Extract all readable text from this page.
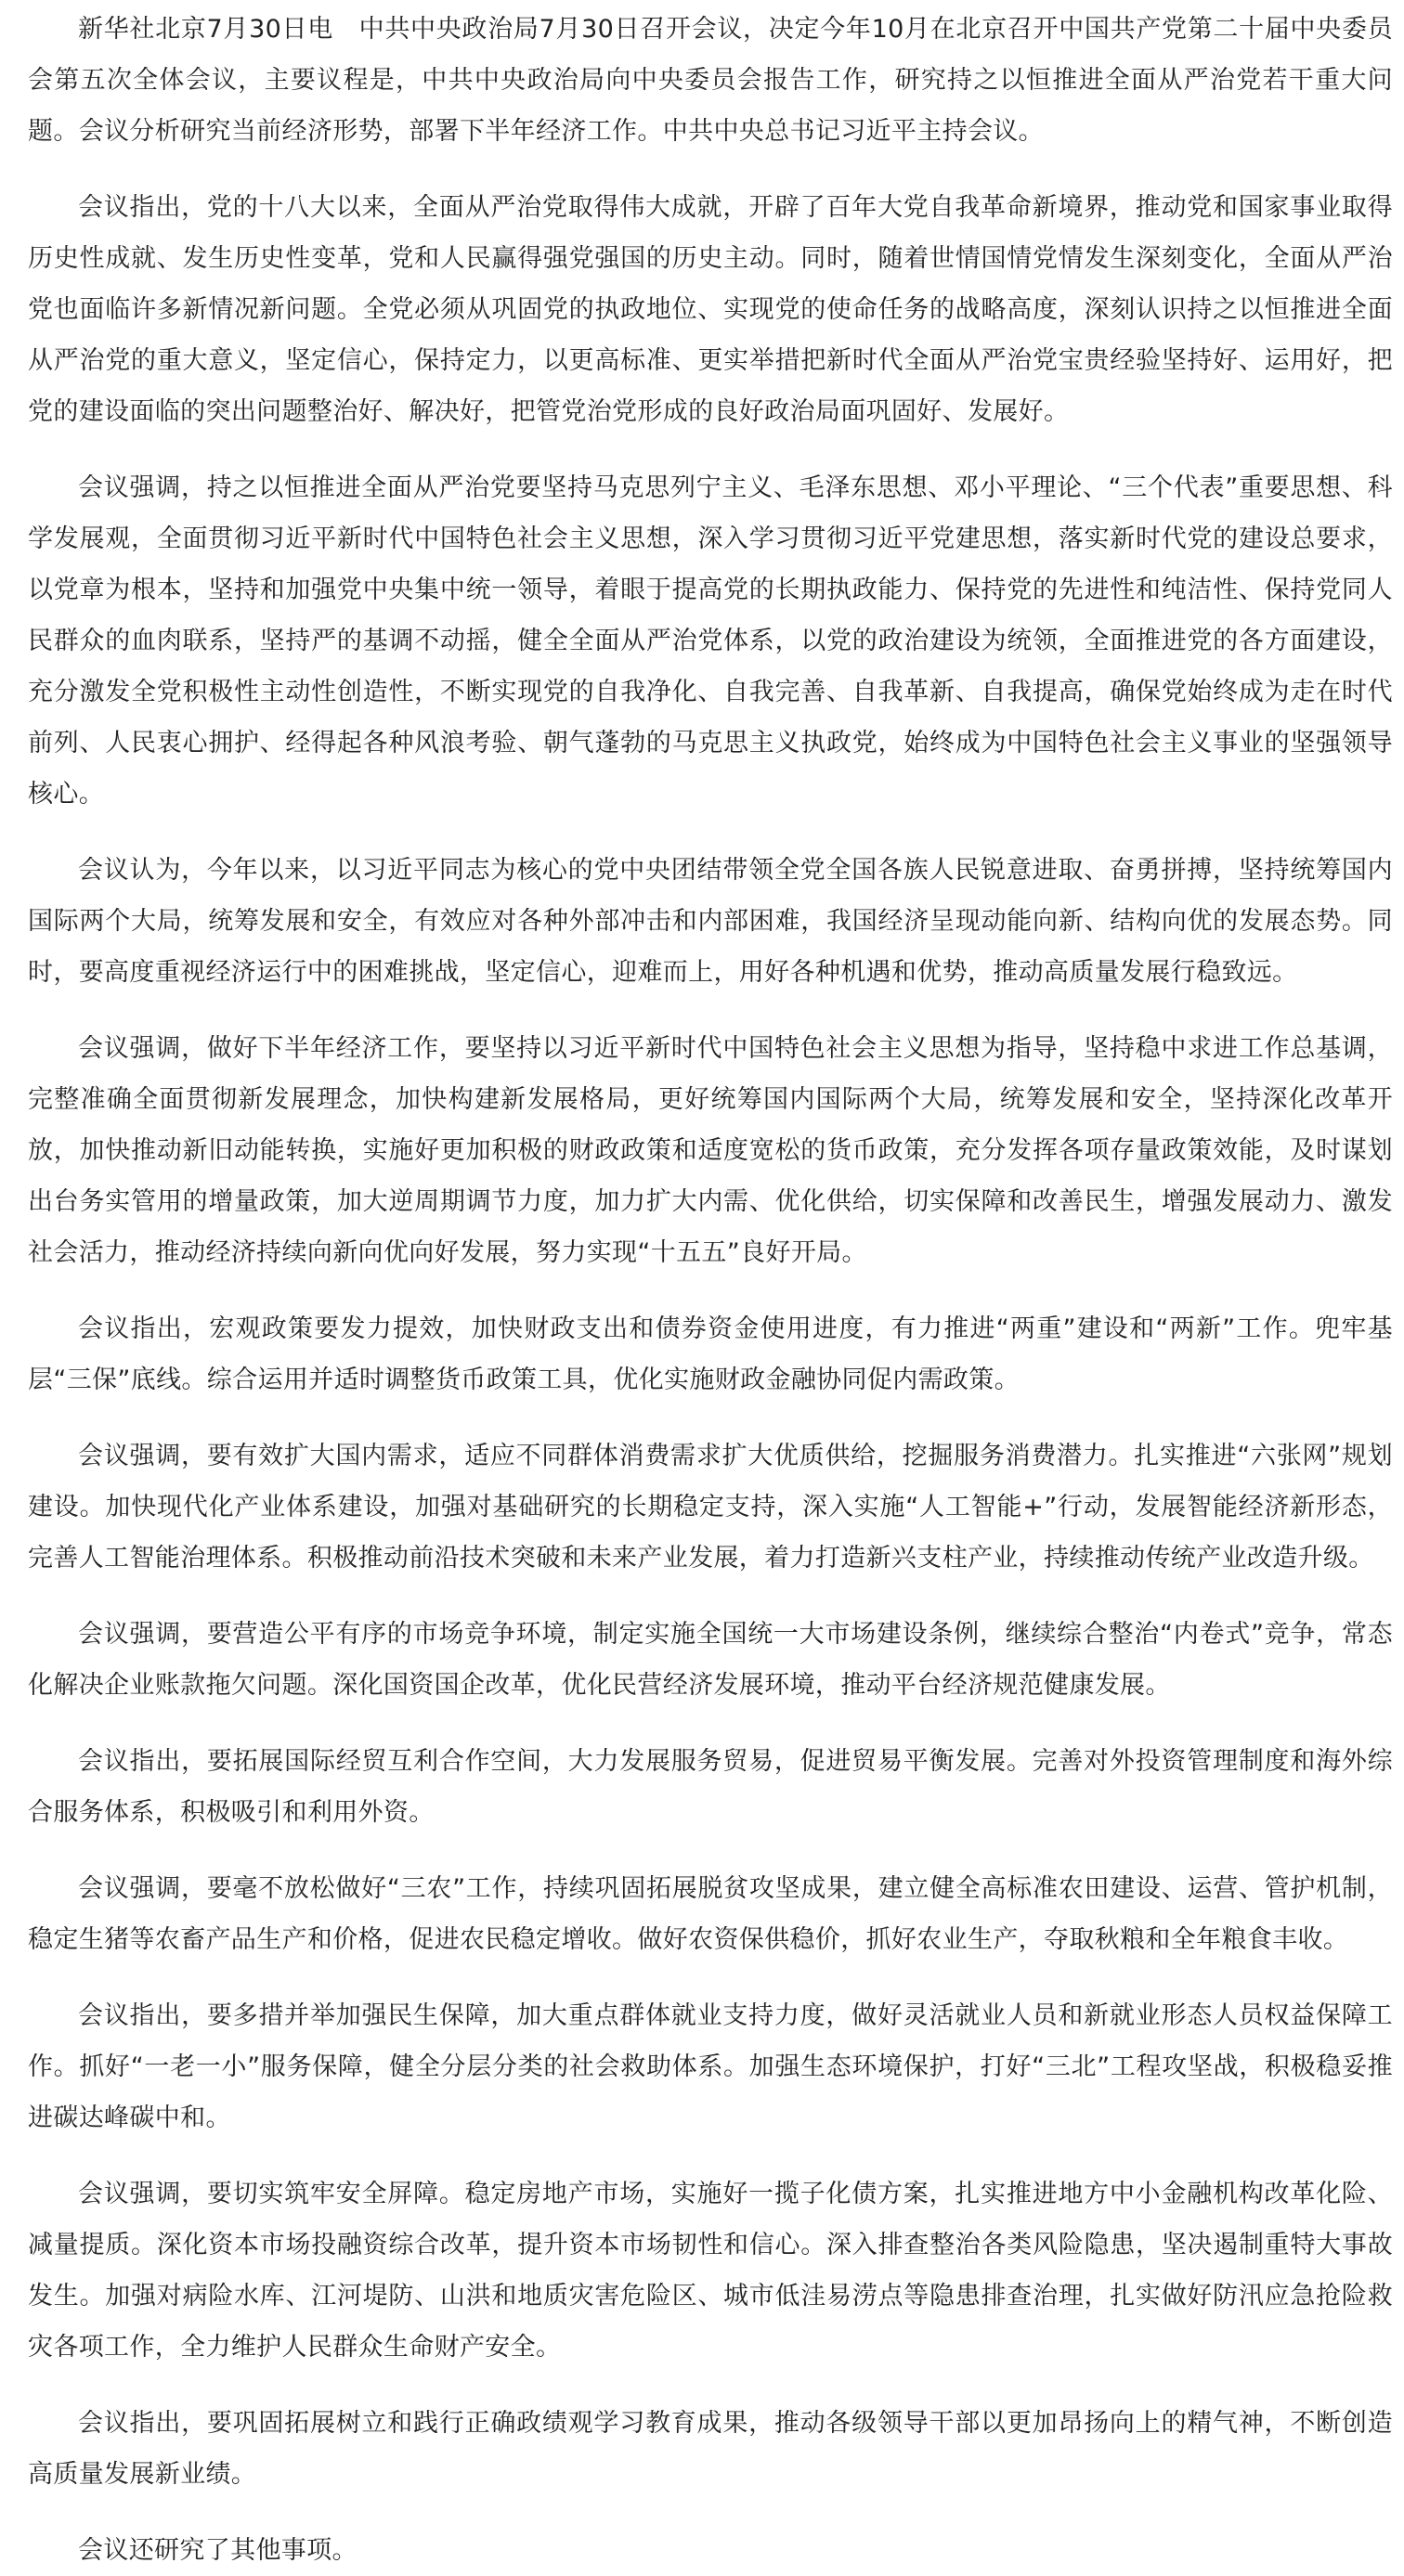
新华社北京7月30日电　中共中央政治局7月30日召开会议，决定今年10月在北京召开中国共产党第二十届中央委员会第五次全体会议，主要议程是，中共中央政治局向中央委员会报告工作，研究持之以恒推进全面从严治党若干重大问题。会议分析研究当前经济形势，部署下半年经济工作。中共中央总书记习近平主持会议。

会议指出，党的十八大以来，全面从严治党取得伟大成就，开辟了百年大党自我革命新境界，推动党和国家事业取得历史性成就、发生历史性变革，党和人民赢得强党强国的历史主动。同时，随着世情国情党情发生深刻变化，全面从严治党也面临许多新情况新问题。全党必须从巩固党的执政地位、实现党的使命任务的战略高度，深刻认识持之以恒推进全面从严治党的重大意义，坚定信心，保持定力，以更高标准、更实举措把新时代全面从严治党宝贵经验坚持好、运用好，把党的建设面临的突出问题整治好、解决好，把管党治党形成的良好政治局面巩固好、发展好。

会议强调，持之以恒推进全面从严治党要坚持马克思列宁主义、毛泽东思想、邓小平理论、“三个代表”重要思想、科学发展观，全面贯彻习近平新时代中国特色社会主义思想，深入学习贯彻习近平党建思想，落实新时代党的建设总要求，以党章为根本，坚持和加强党中央集中统一领导，着眼于提高党的长期执政能力、保持党的先进性和纯洁性、保持党同人民群众的血肉联系，坚持严的基调不动摇，健全全面从严治党体系，以党的政治建设为统领，全面推进党的各方面建设，充分激发全党积极性主动性创造性，不断实现党的自我净化、自我完善、自我革新、自我提高，确保党始终成为走在时代前列、人民衷心拥护、经得起各种风浪考验、朝气蓬勃的马克思主义执政党，始终成为中国特色社会主义事业的坚强领导核心。

会议认为，今年以来，以习近平同志为核心的党中央团结带领全党全国各族人民锐意进取、奋勇拼搏，坚持统筹国内国际两个大局，统筹发展和安全，有效应对各种外部冲击和内部困难，我国经济呈现动能向新、结构向优的发展态势。同时，要高度重视经济运行中的困难挑战，坚定信心，迎难而上，用好各种机遇和优势，推动高质量发展行稳致远。

会议强调，做好下半年经济工作，要坚持以习近平新时代中国特色社会主义思想为指导，坚持稳中求进工作总基调，完整准确全面贯彻新发展理念，加快构建新发展格局，更好统筹国内国际两个大局，统筹发展和安全，坚持深化改革开放，加快推动新旧动能转换，实施好更加积极的财政政策和适度宽松的货币政策，充分发挥各项存量政策效能，及时谋划出台务实管用的增量政策，加大逆周期调节力度，加力扩大内需、优化供给，切实保障和改善民生，增强发展动力、激发社会活力，推动经济持续向新向优向好发展，努力实现“十五五”良好开局。

会议指出，宏观政策要发力提效，加快财政支出和债券资金使用进度，有力推进“两重”建设和“两新”工作。兜牢基层“三保”底线。综合运用并适时调整货币政策工具，优化实施财政金融协同促内需政策。

会议强调，要有效扩大国内需求，适应不同群体消费需求扩大优质供给，挖掘服务消费潜力。扎实推进“六张网”规划建设。加快现代化产业体系建设，加强对基础研究的长期稳定支持，深入实施“人工智能+”行动，发展智能经济新形态，完善人工智能治理体系。积极推动前沿技术突破和未来产业发展，着力打造新兴支柱产业，持续推动传统产业改造升级。

会议强调，要营造公平有序的市场竞争环境，制定实施全国统一大市场建设条例，继续综合整治“内卷式”竞争，常态化解决企业账款拖欠问题。深化国资国企改革，优化民营经济发展环境，推动平台经济规范健康发展。

会议指出，要拓展国际经贸互利合作空间，大力发展服务贸易，促进贸易平衡发展。完善对外投资管理制度和海外综合服务体系，积极吸引和利用外资。

会议强调，要毫不放松做好“三农”工作，持续巩固拓展脱贫攻坚成果，建立健全高标准农田建设、运营、管护机制，稳定生猪等农畜产品生产和价格，促进农民稳定增收。做好农资保供稳价，抓好农业生产，夺取秋粮和全年粮食丰收。

会议指出，要多措并举加强民生保障，加大重点群体就业支持力度，做好灵活就业人员和新就业形态人员权益保障工作。抓好“一老一小”服务保障，健全分层分类的社会救助体系。加强生态环境保护，打好“三北”工程攻坚战，积极稳妥推进碳达峰碳中和。

会议强调，要切实筑牢安全屏障。稳定房地产市场，实施好一揽子化债方案，扎实推进地方中小金融机构改革化险、减量提质。深化资本市场投融资综合改革，提升资本市场韧性和信心。深入排查整治各类风险隐患，坚决遏制重特大事故发生。加强对病险水库、江河堤防、山洪和地质灾害危险区、城市低洼易涝点等隐患排查治理，扎实做好防汛应急抢险救灾各项工作，全力维护人民群众生命财产安全。

会议指出，要巩固拓展树立和践行正确政绩观学习教育成果，推动各级领导干部以更加昂扬向上的精气神，不断创造高质量发展新业绩。

会议还研究了其他事项。
